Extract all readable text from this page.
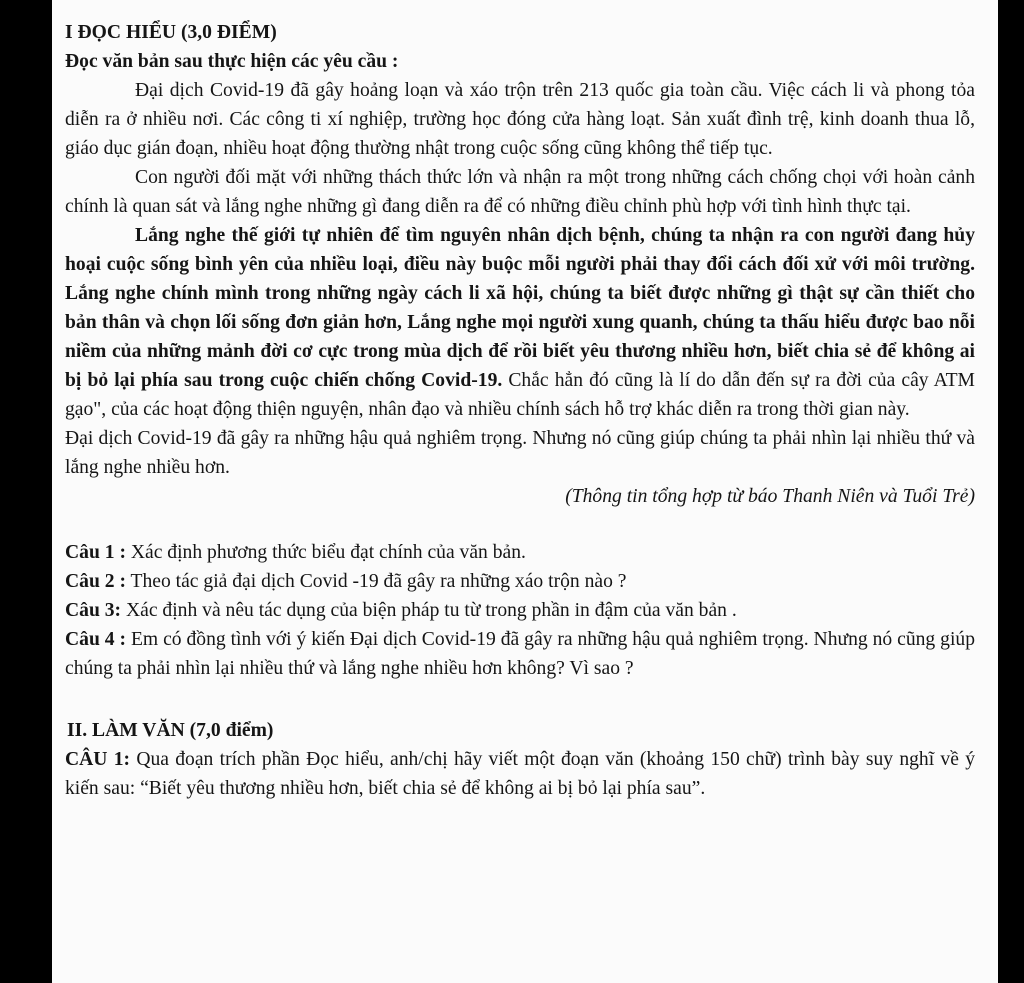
I ĐỌC HIỂU (3,0 ĐIỂM)

Đọc văn bản sau thực hiện các yêu cầu :

Đại dịch Covid-19 đã gây hoảng loạn và xáo trộn trên 213 quốc gia toàn cầu. Việc cách li và phong tỏa diễn ra ở nhiều nơi. Các công ti xí nghiệp, trường học đóng cửa hàng loạt. Sản xuất đình trệ, kinh doanh thua lỗ, giáo dục gián đoạn, nhiều hoạt động thường nhật trong cuộc sống cũng không thể tiếp tục.

Con người đối mặt với những thách thức lớn và nhận ra một trong những cách chống chọi với hoàn cảnh chính là quan sát và lắng nghe những gì đang diễn ra để có những điều chỉnh phù hợp với tình hình thực tại.

Lắng nghe thế giới tự nhiên để tìm nguyên nhân dịch bệnh, chúng ta nhận ra con người đang hủy hoại cuộc sống bình yên của nhiều loại, điều này buộc mỗi người phải thay đổi cách đối xử với môi trường. Lắng nghe chính mình trong những ngày cách li xã hội, chúng ta biết được những gì thật sự cần thiết cho bản thân và chọn lối sống đơn giản hơn, Lắng nghe mọi người xung quanh, chúng ta thấu hiểu được bao nỗi niềm của những mảnh đời cơ cực trong mùa dịch để rồi biết yêu thương nhiều hơn, biết chia sẻ để không ai bị bỏ lại phía sau trong cuộc chiến chống Covid-19. Chắc hẳn đó cũng là lí do dẫn đến sự ra đời của cây ATM gạo", của các hoạt động thiện nguyện, nhân đạo và nhiều chính sách hỗ trợ khác diễn ra trong thời gian này.

Đại dịch Covid-19 đã gây ra những hậu quả nghiêm trọng. Nhưng nó cũng giúp chúng ta phải nhìn lại nhiều thứ và lắng nghe nhiều hơn.

(Thông tin tổng hợp từ báo Thanh Niên và Tuổi Trẻ)

Câu 1 : Xác định phương thức biểu đạt chính của văn bản.

Câu 2 : Theo tác giả đại dịch Covid -19 đã gây ra những xáo trộn nào ?

Câu 3: Xác định và nêu tác dụng của biện pháp tu từ trong phần in đậm của văn bản .

Câu 4 : Em có đồng tình với ý kiến Đại dịch Covid-19 đã gây ra những hậu quả nghiêm trọng. Nhưng nó cũng giúp chúng ta phải nhìn lại nhiều thứ và lắng nghe nhiều hơn không? Vì sao ?

II. LÀM VĂN (7,0 điểm)

CÂU 1: Qua đoạn trích phần Đọc hiểu, anh/chị hãy viết một đoạn văn (khoảng 150 chữ) trình bày suy nghĩ về ý kiến sau: “Biết yêu thương nhiều hơn, biết chia sẻ để không ai bị bỏ lại phía sau”.
